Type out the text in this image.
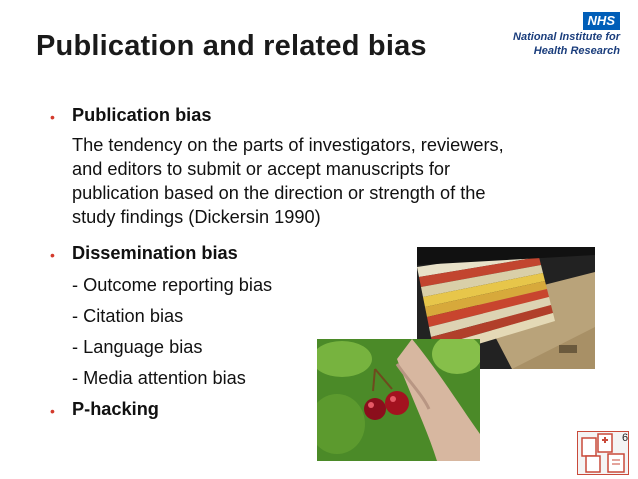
Publication and related bias
NHS
National Institute for
Health Research
• Publication bias
The tendency on the parts of investigators, reviewers,
and editors to submit or accept manuscripts for
publication based on the direction or strength of the
study findings (Dickersin 1990)
• Dissemination bias
- Outcome reporting bias
- Citation bias
- Language bias
- Media attention bias
• P-hacking
6
